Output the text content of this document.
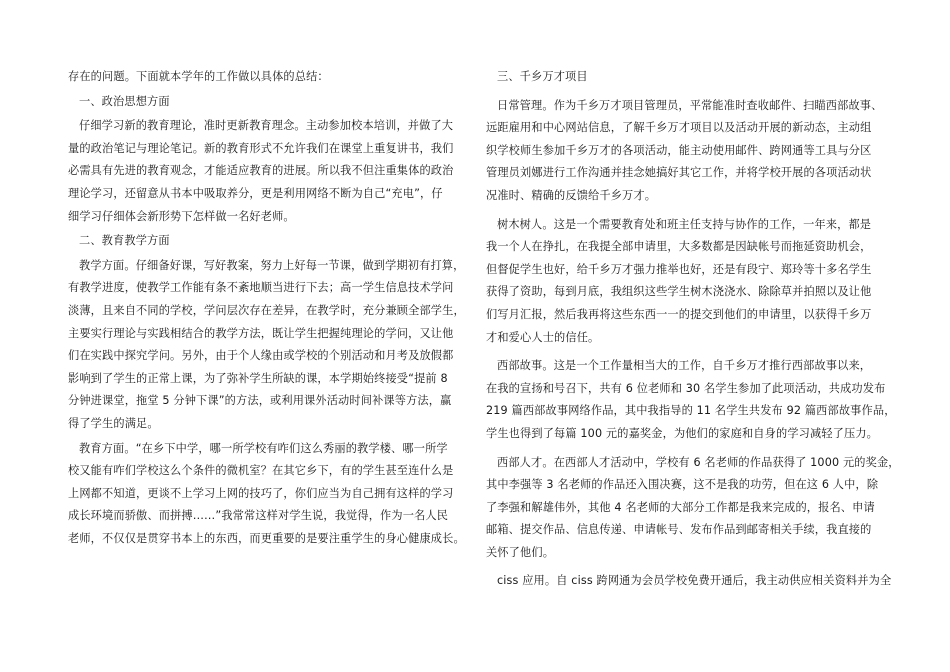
存在的问题。下面就本学年的工作做以具体的总结：
一、政治思想方面
仔细学习新的教育理论，准时更新教育理念。主动参加校本培训，并做了大
量的政治笔记与理论笔记。新的教育形式不允许我们在课堂上重复讲书，我们
必需具有先进的教育观念，才能适应教育的进展。所以我不但注重集体的政治
理论学习，还留意从书本中吸取养分，更是利用网络不断为自己“充电”，仔
细学习仔细体会新形势下怎样做一名好老师。
二、教育教学方面
教学方面。仔细备好课，写好教案，努力上好每一节课，做到学期初有打算，
有教学进度，使教学工作能有条不紊地顺当进行下去；高一学生信息技术学问
淡薄，且来自不同的学校，学问层次存在差异，在教学时，充分兼顾全部学生，
主要实行理论与实践相结合的教学方法，既让学生把握纯理论的学问，又让他
们在实践中探究学问。另外，由于个人缘由或学校的个别活动和月考及放假都
影响到了学生的正常上课，为了弥补学生所缺的课，本学期始终接受“提前 8
分钟进课堂，拖堂 5 分钟下课”的方法，或利用课外活动时间补课等方法，赢
得了学生的满足。
教育方面。“在乡下中学，哪一所学校有咋们这么秀丽的教学楼、哪一所学
校又能有咋们学校这么个条件的微机室？在其它乡下，有的学生甚至连什么是
上网都不知道，更谈不上学习上网的技巧了，你们应当为自己拥有这样的学习
成长环境而骄傲、而拼搏……”我常常这样对学生说，我觉得，作为一名人民
老师，不仅仅是贯穿书本上的东西，而更重要的是要注重学生的身心健康成长。
三、千乡万才项目
日常管理。作为千乡万才项目管理员，平常能准时查收邮件、扫瞄西部故事、
远距雇用和中心网站信息，了解千乡万才项目以及活动开展的新动态，主动组
织学校师生参加千乡万才的各项活动，能主动使用邮件、跨网通等工具与分区
管理员刘娜进行工作沟通并挂念她搞好其它工作，并将学校开展的各项活动状
况准时、精确的反馈给千乡万才。
树木树人。这是一个需要教育处和班主任支持与协作的工作，一年来，都是
我一个人在挣扎，在我提全部申请里，大多数都是因缺帐号而拖延资助机会，
但督促学生也好，给千乡万才强力推举也好，还是有段宁、郑玲等十多名学生
获得了资助，每到月底，我组织这些学生树木浇浇水、除除草并拍照以及让他
们写月汇报，然后我再将这些东西一一的提交到他们的申请里，以获得千乡万
才和爱心人士的信任。
西部故事。这是一个工作量相当大的工作，自千乡万才推行西部故事以来，
在我的宣扬和号召下，共有 6 位老师和 30 名学生参加了此项活动，共成功发布
219 篇西部故事网络作品，其中我指导的 11 名学生共发布 92 篇西部故事作品，
学生也得到了每篇 100 元的嘉奖金，为他们的家庭和自身的学习减轻了压力。
西部人才。在西部人才活动中，学校有 6 名老师的作品获得了 1000 元的奖金，
其中李强等 3 名老师的作品还入围决赛，这不是我的功劳，但在这 6 人中，除
了李强和解雄伟外，其他 4 名老师的大部分工作都是我来完成的，报名、申请
邮箱、提交作品、信息传递、申请帐号、发布作品到邮寄相关手续，我直接的
关怀了他们。
ciss 应用。自 ciss 跨网通为会员学校免费开通后，我主动供应相关资料并为全
